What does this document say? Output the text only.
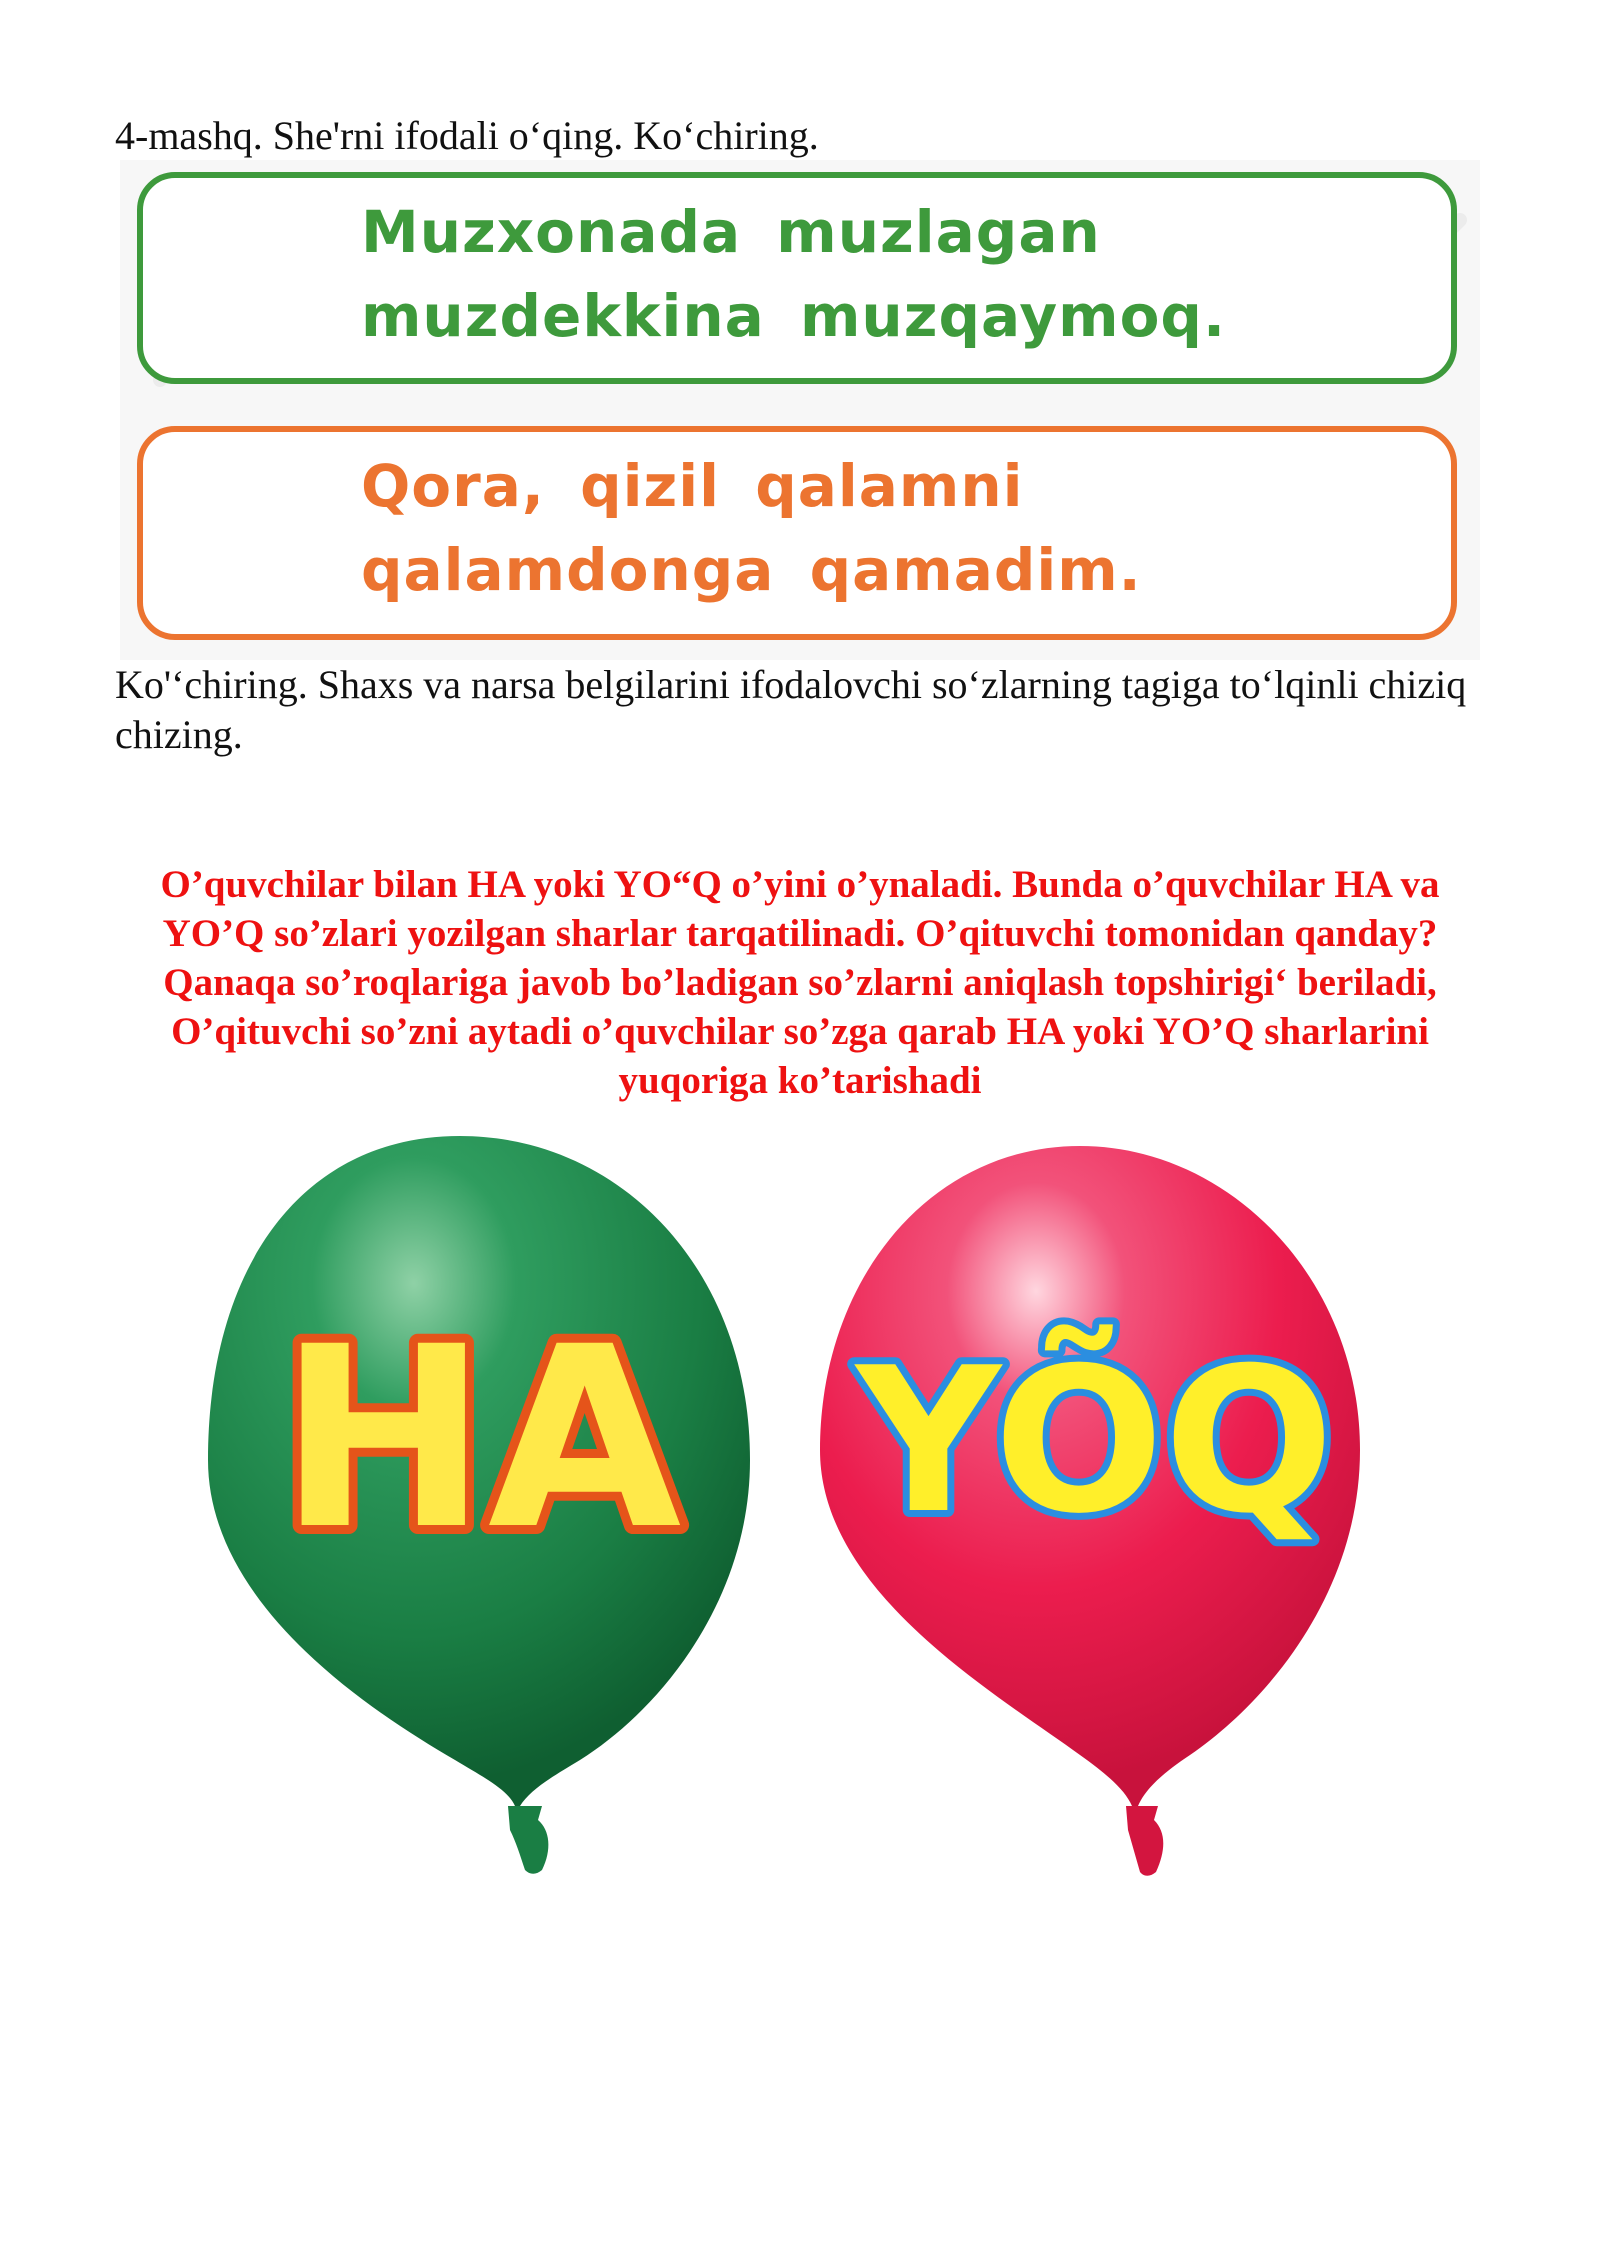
4-mashq. She'rni ifodali o‘qing. Ko‘chiring.
Muzxonada muzlagan
muzdekkina muzqaymoq.
Qora, qizil qalamni
qalamdonga qamadim.
Ko'‘chiring. Shaxs va narsa belgilarini ifodalovchi so‘zlarning tagiga to‘lqinli chiziq chizing.
O’quvchilar bilan HA yoki YO“Q o’yini o’ynaladi. Bunda o’quvchilar HA va YO’Q so’zlari yozilgan sharlar tarqatilinadi. O’qituvchi tomonidan qanday? Qanaqa so’roqlariga javob bo’ladigan so’zlarni aniqlash topshirigi‘ beriladi, O’qituvchi so’zni aytadi o’quvchilar so’zga qarab HA yoki YO’Q sharlarini yuqoriga ko’tarishadi
HA YÕQ
